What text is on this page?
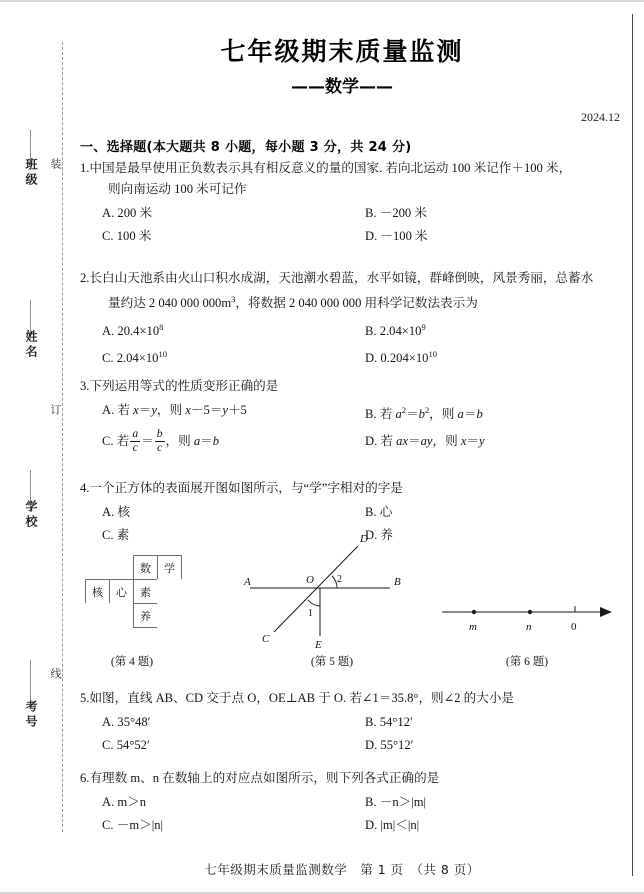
装
订
线
班级
姓名
学校
考号
七年级期末质量监测
——数学——
2024.12
一、选择题(本大题共 8 小题，每小题 3 分，共 24 分)
1.中国是最早使用正负数表示具有相反意义的量的国家. 若向北运动 100 米记作＋100 米，
则向南运动 100 米可记作
A. 200 米	B. －200 米
C. 100 米	D. －100 米
2.长白山天池系由火山口积水成湖，天池潮水碧蓝，水平如镜，群峰倒映，风景秀丽，总蓄水
量约达 2 040 000 $000m^3$，将数据 2 040 000 000 用科学记数法表示为
A. $20.4\times 10^8$	B. $2.04\times 10^9$
C. $2.04\times 10^{10}$	D. $0.204\times 10^{10}$
3.下列运用等式的性质变形正确的是
A. 若 x＝y，则 x－5＝y＋5	B. 若 $a^2=b^2$，则 a＝b
C. 若 $\frac{a}{c} = \frac{b}{c}$ ，则 a＝b	D. 若 ax＝ay，则 x＝y
4.一个正方体的表面展开图如图所示，与“学”字相对的字是
A. 核	B. 心
C. 素	D. 养
数	学
核	心	素
养
(第 4 题)
A	B
C
D
E
O 2
1
(第 5 题)
m	n	0
(第 6 题)
5.如图，直线 AB、CD 交于点 O，OE⊥AB 于 O. 若∠1＝35.8°，则∠2 的大小是
A. 35°48′	B. 54°12′
C. 54°52′	D. 55°12′
6.有理数 m、n 在数轴上的对应点如图所示，则下列各式正确的是
A. m＞n	B. －n＞|m|
C. －m＞|n|	D. |m|＜|n|
七年级期末质量监测数学　第 1 页　（共 8 页）
